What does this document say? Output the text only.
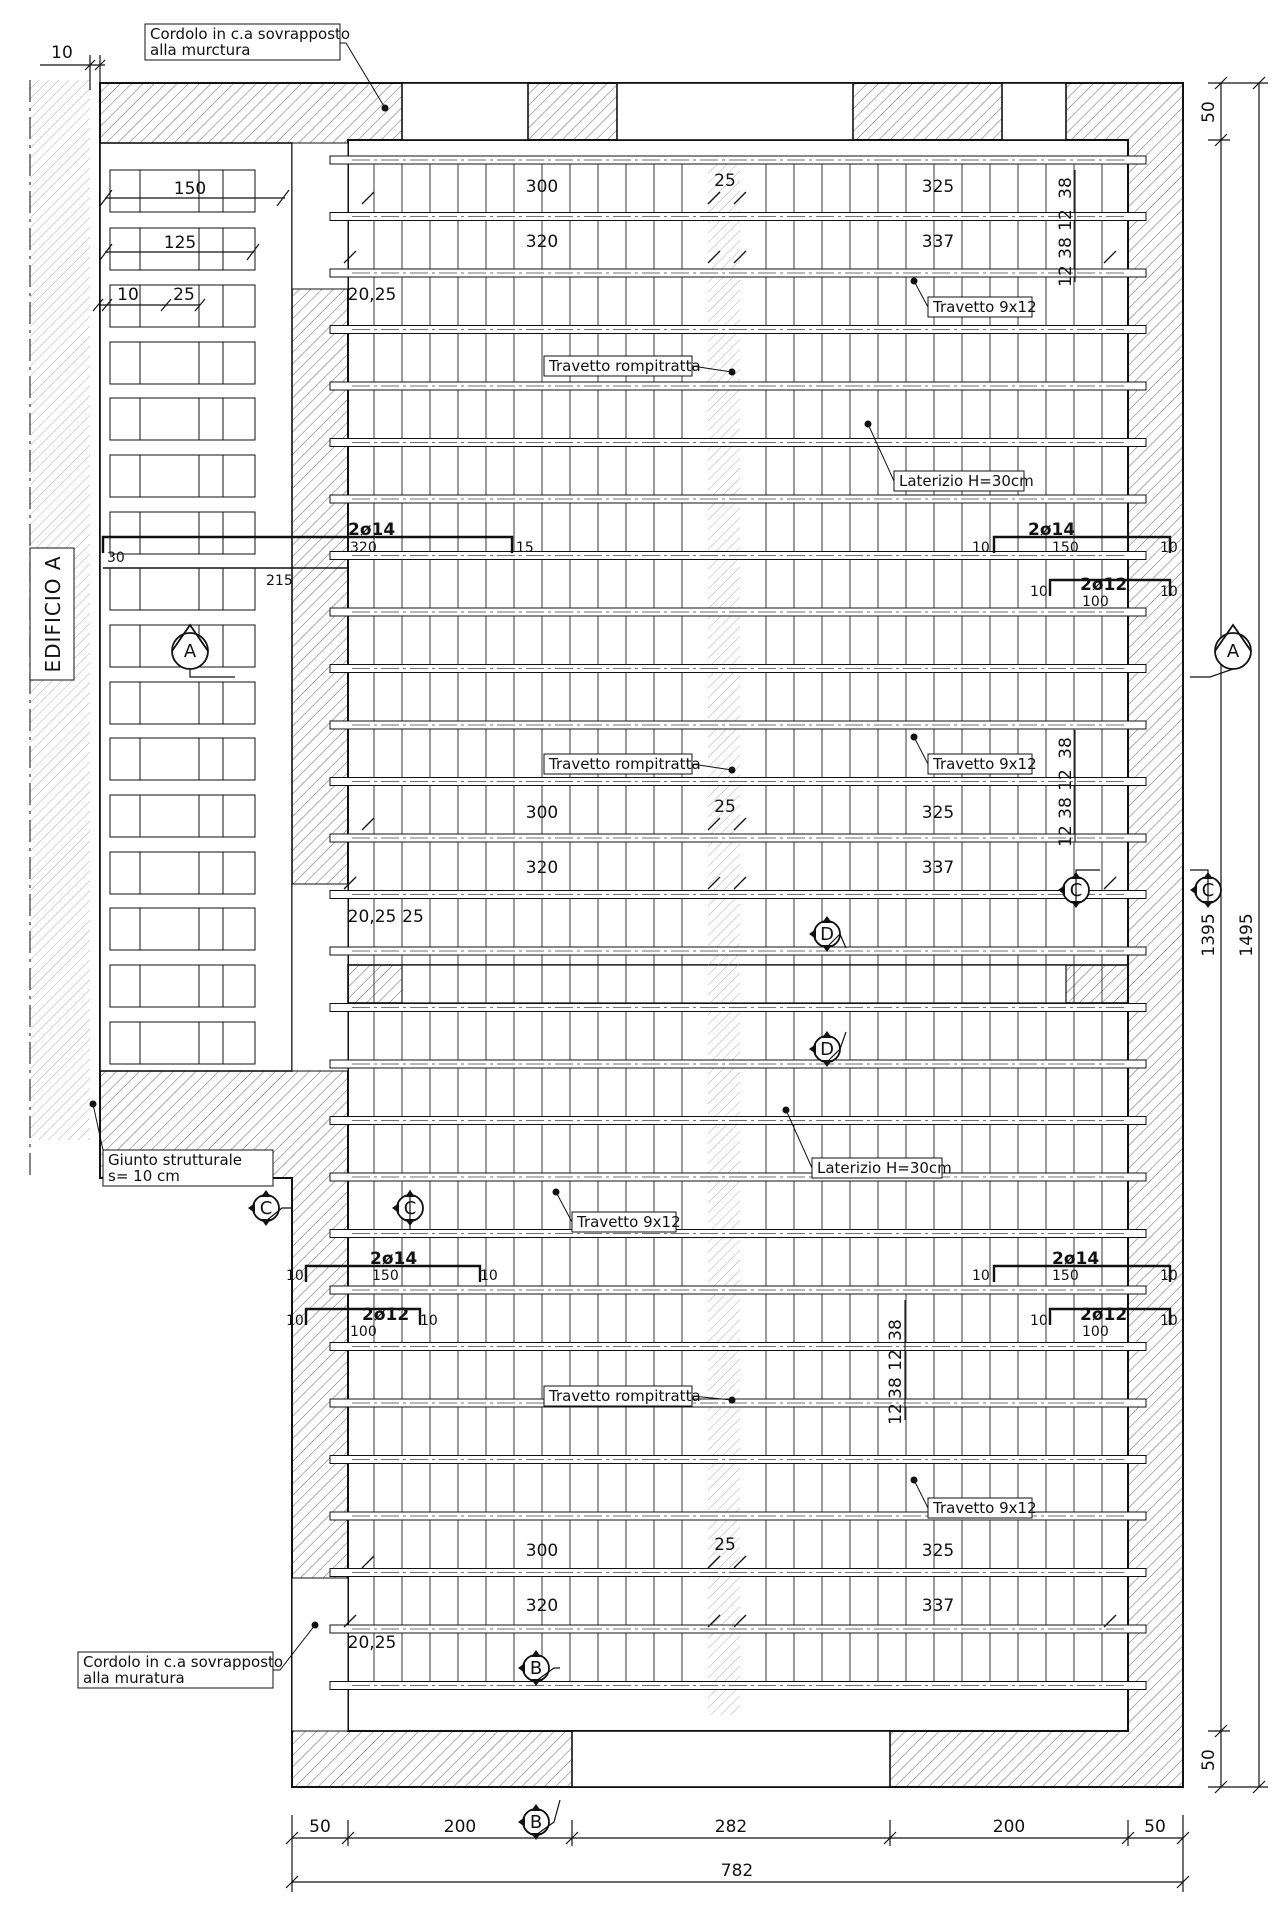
EDIFICIO A
10
50	200	282	200	50
782
50
1395 1495
50
300	325
320	337
25	38
12
38
12
300	325
320	337
25
38
12
38
12
300	325
320	337
25
38
12
38
12
150
125
10 25	20,25
20,25 25
20,25
2ø14
320
30
15
215
2ø14
150
10	10
2ø12
100
10	10
2ø14
150
10	10
2ø12
100
10	10
2ø14
150
10	10
2ø12
100
10	10
Cordolo in c.a sovrapposto
alla murctura
Cordolo in c.a sovrapposto
alla muratura
Giunto strutturale
s= 10 cm
Travetto 9x12
Travetto rompitratta
Laterizio H=30cm
Travetto 9x12
Travetto rompitratta
Laterizio H=30cm
Travetto 9x12
Travetto rompitratta
Travetto 9x12
A	A
C	C
D
D
C	C
B
B
